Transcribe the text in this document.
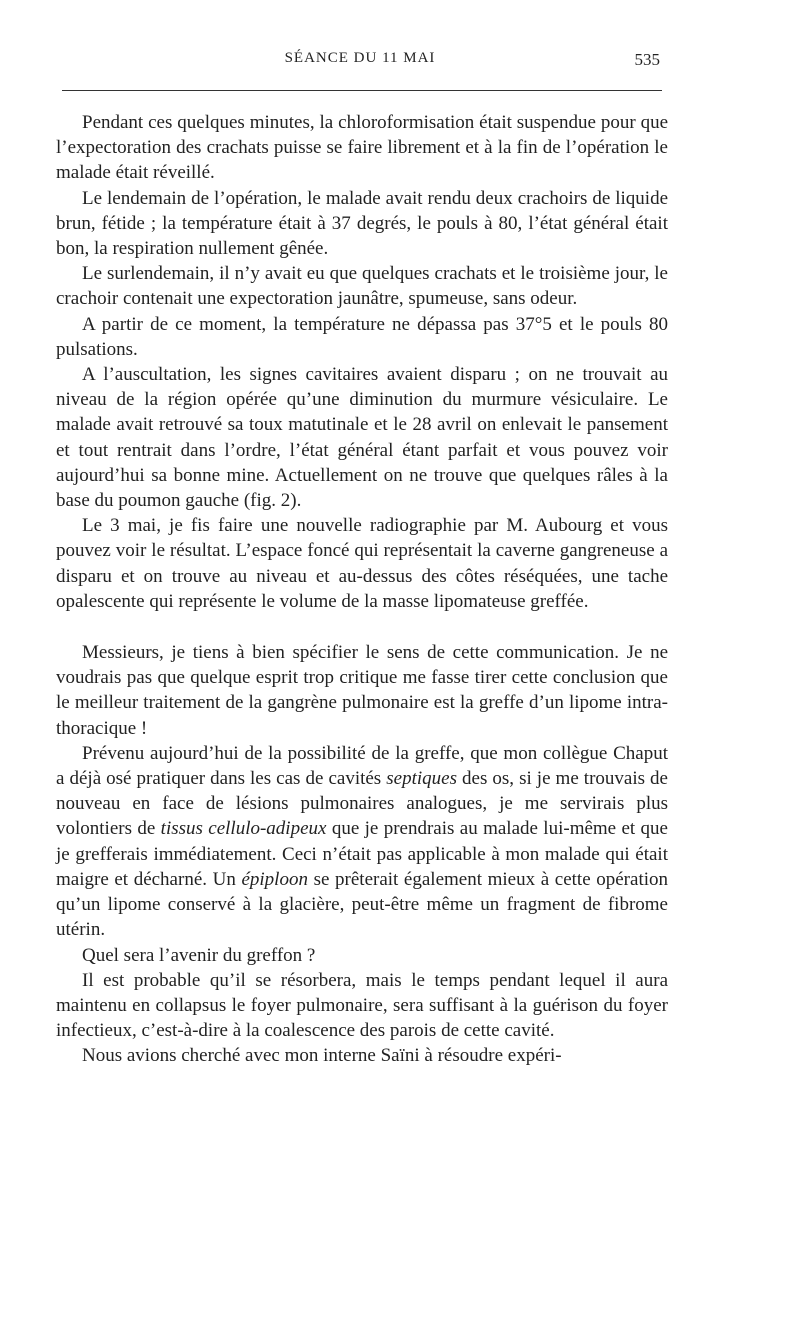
SÉANCE DU 11 MAI	535

Pendant ces quelques minutes, la chloroformisation était suspendue pour que l’expectoration des crachats puisse se faire librement et à la fin de l’opération le malade était réveillé.

Le lendemain de l’opération, le malade avait rendu deux crachoirs de liquide brun, fétide ; la température était à 37 degrés, le pouls à 80, l’état général était bon, la respiration nullement gênée.

Le surlendemain, il n’y avait eu que quelques crachats et le troisième jour, le crachoir contenait une expectoration jaunâtre, spumeuse, sans odeur.

A partir de ce moment, la température ne dépassa pas 37°5 et le pouls 80 pulsations.

A l’auscultation, les signes cavitaires avaient disparu ; on ne trouvait au niveau de la région opérée qu’une diminution du murmure vésiculaire. Le malade avait retrouvé sa toux matutinale et le 28 avril on enlevait le pansement et tout rentrait dans l’ordre, l’état général étant parfait et vous pouvez voir aujourd’hui sa bonne mine. Actuellement on ne trouve que quelques râles à la base du poumon gauche (fig. 2).

Le 3 mai, je fis faire une nouvelle radiographie par M. Aubourg et vous pouvez voir le résultat. L’espace foncé qui représentait la caverne gangreneuse a disparu et on trouve au niveau et au-dessus des côtes réséquées, une tache opalescente qui représente le volume de la masse lipomateuse greffée.

Messieurs, je tiens à bien spécifier le sens de cette communication. Je ne voudrais pas que quelque esprit trop critique me fasse tirer cette conclusion que le meilleur traitement de la gangrène pulmonaire est la greffe d’un lipome intra-thoracique !

Prévenu aujourd’hui de la possibilité de la greffe, que mon collègue Chaput a déjà osé pratiquer dans les cas de cavités septiques des os, si je me trouvais de nouveau en face de lésions pulmonaires analogues, je me servirais plus volontiers de tissus cellulo-adipeux que je prendrais au malade lui-même et que je grefferais immédiatement. Ceci n’était pas applicable à mon malade qui était maigre et décharné. Un épiploon se prêterait également mieux à cette opération qu’un lipome conservé à la glacière, peut-être même un fragment de fibrome utérin.

Quel sera l’avenir du greffon ?

Il est probable qu’il se résorbera, mais le temps pendant lequel il aura maintenu en collapsus le foyer pulmonaire, sera suffisant à la guérison du foyer infectieux, c’est-à-dire à la coalescence des parois de cette cavité.

Nous avions cherché avec mon interne Saïni à résoudre expéri-
